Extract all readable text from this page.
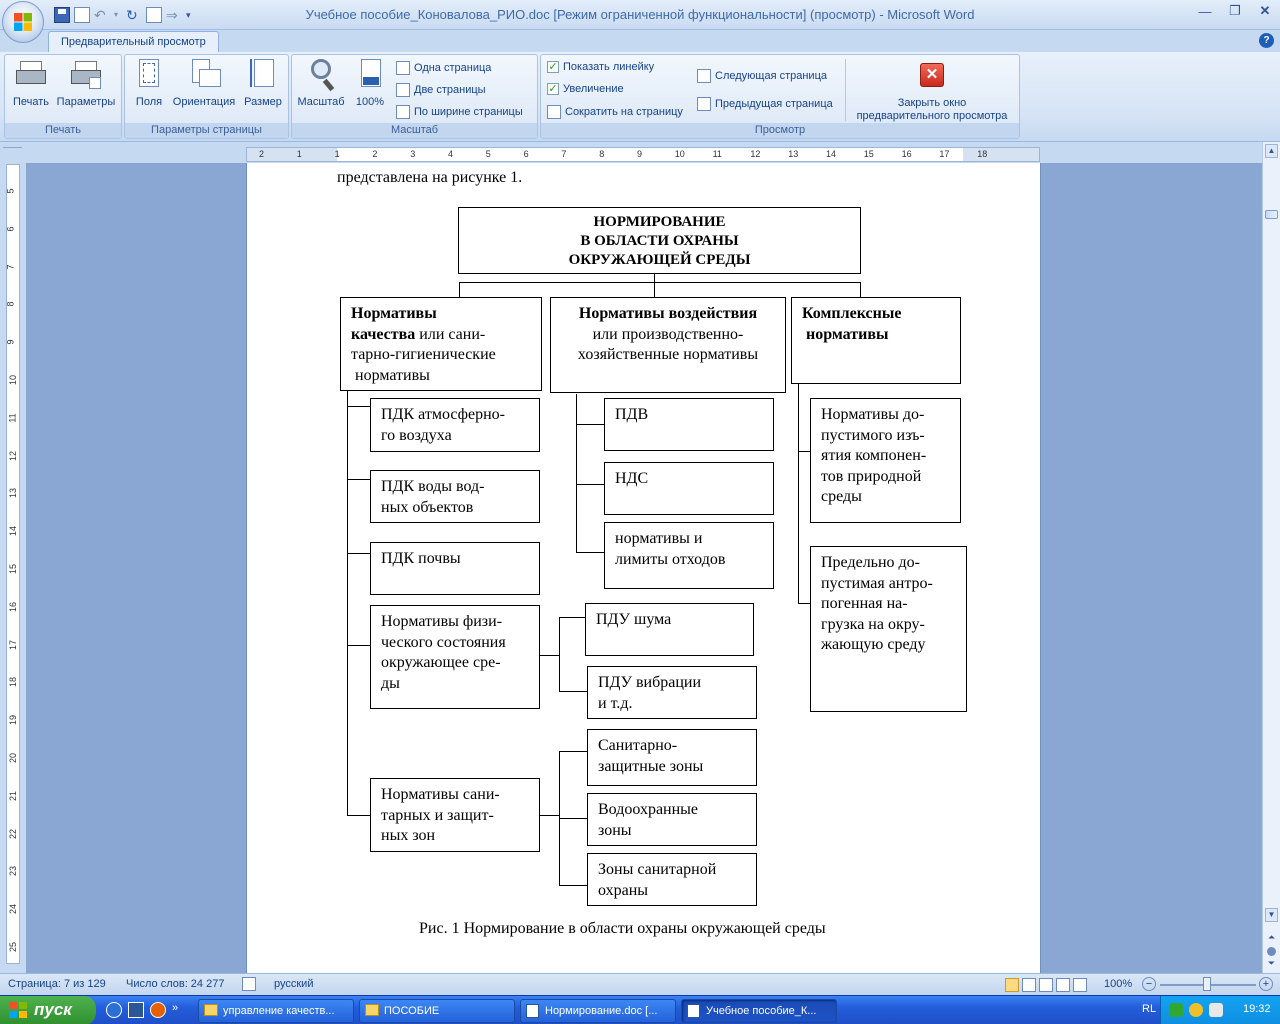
↶	▾ ↻	⇒ ▾	Учебное пособие_Коновалова_РИО.doc [Режим ограниченной функциональности] (просмотр) - Microsoft Word	—	❐	✕
Предварительный просмотр	?
Печать Параметры
Печать
Поля Ориентация Размер
Параметры страницы
Масштаб	100%
Одна страница
Две страницы
По ширине страницы
Масштаб
✓ Показать линейку
✓ Увеличение
Сократить на страницу
Следующая страница
Предыдущая страница
✕
Закрыть окно
предварительного просмотра
Просмотр
2	1	1	2	3	4	5	6	7	8	9	10	11	12	13	14	15	16	17	18
5
6
7
8
9
10
11
12
13
14
15
16
17
18
19
20
21
22
23
24
25
представлена на рисунке 1.
НОРМИРОВАНИЕ
В ОБЛАСТИ ОХРАНЫ
ОКРУЖАЮЩЕЙ СРЕДЫ
Нормативы
качества или сани-
тарно-гигиенические
нормативы
Нормативы воздействия
или производственно-
хозяйственные нормативы
Комплексные
нормативы
ПДК атмосферно-
го воздуха
ПДК воды вод-
ных объектов
ПДК почвы
Нормативы физи-
ческого состояния
окружающее сре-
ды
Нормативы сани-
тарных и защит-
ных зон
ПДУ шума
ПДУ вибрации
и т.д.
Санитарно-
защитные зоны
Водоохранные
зоны
Зоны санитарной
охраны
ПДВ
НДС
нормативы и
лимиты отходов
Нормативы до-
пустимого изъ-
ятия компонен-
тов природной
среды
Предельно до-
пустимая антро-
погенная на-
грузка на окру-
жающую среду
Рис. 1 Нормирование в области охраны окружающей среды
▲
▼
⏶
⏷
Страница: 7 из 129 Число слов: 24 277	русский	100%	−	+
пуск	»	управление качеств...	ПОСОБИЕ	Нормирование.doc [...	Учебное пособие_К...	RL	19:32
